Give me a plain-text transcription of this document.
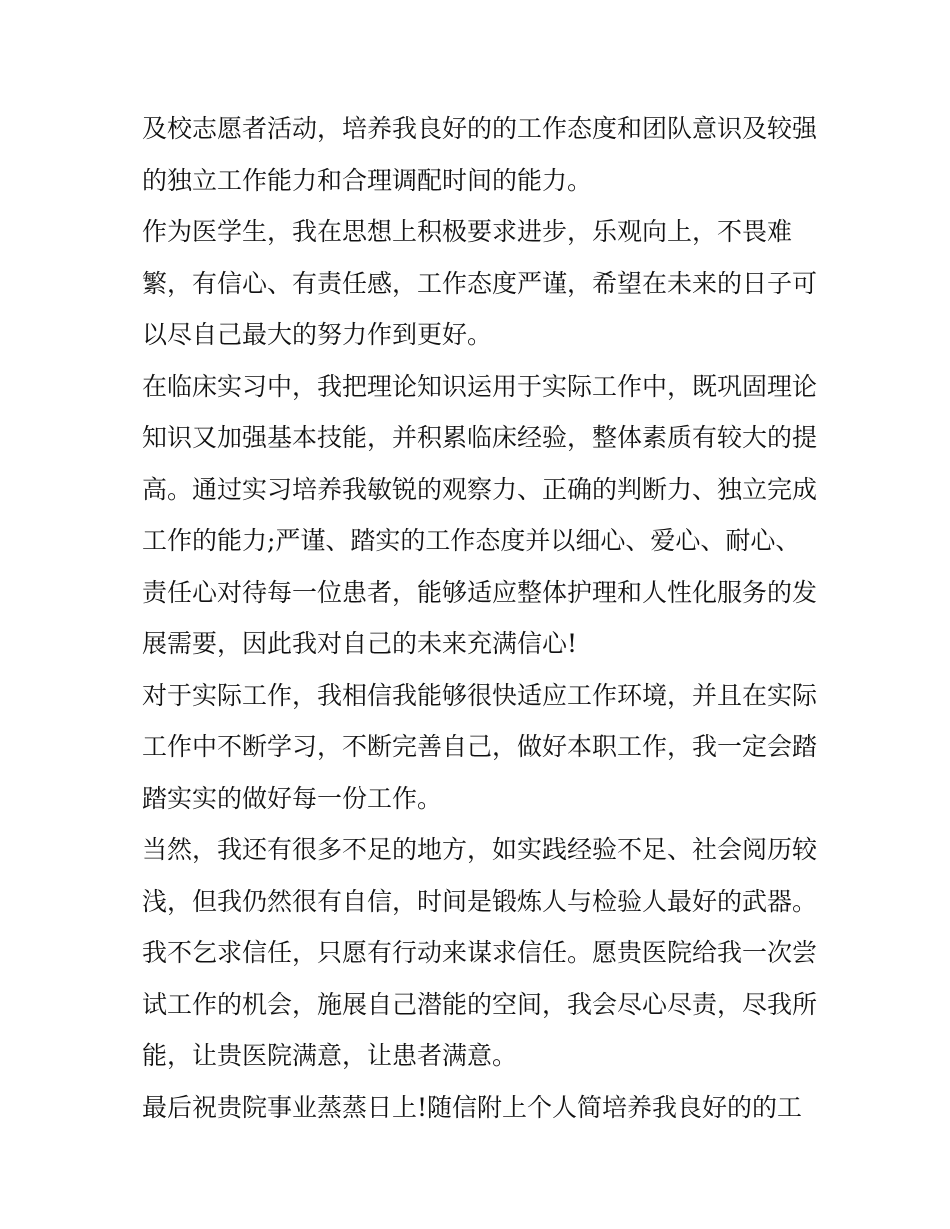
及校志愿者活动，培养我良好的的工作态度和团队意识及较强
的独立工作能力和合理调配时间的能力。
作为医学生，我在思想上积极要求进步，乐观向上，不畏难
繁，有信心、有责任感，工作态度严谨，希望在未来的日子可
以尽自己最大的努力作到更好。
在临床实习中，我把理论知识运用于实际工作中，既巩固理论
知识又加强基本技能，并积累临床经验，整体素质有较大的提
高。通过实习培养我敏锐的观察力、正确的判断力、独立完成
工作的能力;严谨、踏实的工作态度并以细心、爱心、耐心、
责任心对待每一位患者，能够适应整体护理和人性化服务的发
展需要，因此我对自己的未来充满信心!
对于实际工作，我相信我能够很快适应工作环境，并且在实际
工作中不断学习，不断完善自己，做好本职工作，我一定会踏
踏实实的做好每一份工作。
当然，我还有很多不足的地方，如实践经验不足、社会阅历较
浅，但我仍然很有自信，时间是锻炼人与检验人最好的武器。
我不乞求信任，只愿有行动来谋求信任。愿贵医院给我一次尝
试工作的机会，施展自己潜能的空间，我会尽心尽责，尽我所
能，让贵医院满意，让患者满意。
最后祝贵院事业蒸蒸日上!随信附上个人简培养我良好的的工
